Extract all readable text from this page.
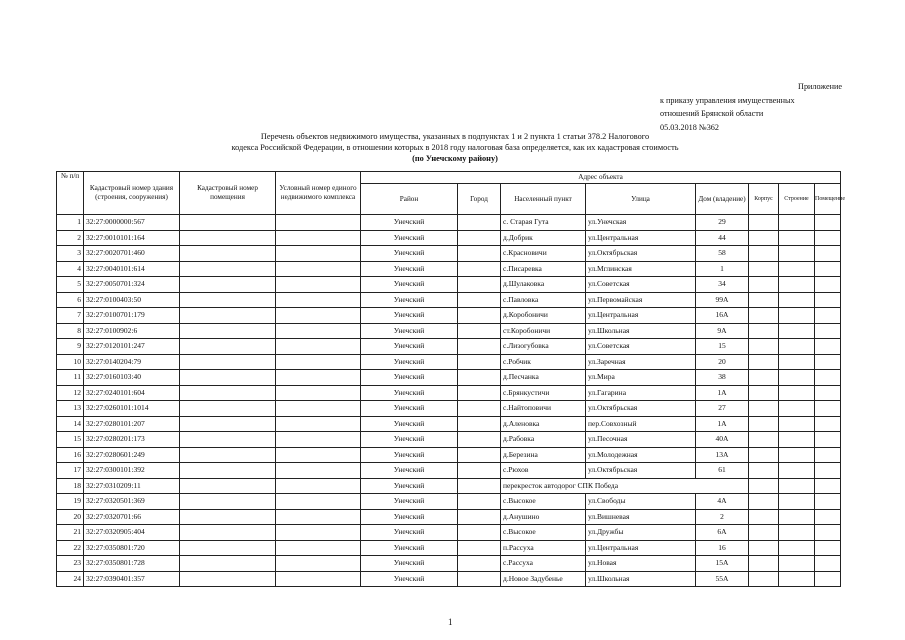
Приложение
к приказу управления имущественных
отношений Брянской области
05.03.2018 №362
Перечень объектов недвижимого имущества, указанных в подпунктах 1 и 2 пункта 1 статьи 378.2 Налогового
кодекса Российской Федерации, в отношении которых в 2018 году налоговая база определяется, как их кадастровая стоимость
(по Унечскому району)
№ п/п	Кадастровый номер здания (строения, сооружения)	Кадастровый номер помещения	Условный номер единого недвижимого комплекса	Адрес объекта							
				Район	Город	Населенный пункт	Улица	Дом (владение)	Корпус	Строение	Помещение
1	32:27:0000000:567			Унечский		с. Старая Гута	ул.Унечская	29			
2	32:27:0010101:164			Унечский		д.Добрик	ул.Центральная	44			
3	32:27:0020701:460			Унечский		с.Красновичи	ул.Октябрьская	58			
4	32:27:0040101:614			Унечский		с.Писаревка	ул.Мглинская	1			
5	32:27:0050701:324			Унечский		д.Шулаковка	ул.Советская	34			
6	32:27:0100403:50			Унечский		с.Павловка	ул.Первомайская	99А			
7	32:27:0100701:179			Унечский		д.Коробоничи	ул.Центральная	16А			
8	32:27:0100902:6			Унечский		ст.Коробоничи	ул.Школьная	9А			
9	32:27:0120101:247			Унечский		с.Лизогубовка	ул.Советская	15			
10	32:27:0140204:79			Унечский		с.Робчик	ул.Заречная	20			
11	32:27:0160103:40			Унечский		д.Песчанка	ул.Мира	38			
12	32:27:0240101:604			Унечский		с.Брянкустичи	ул.Гагарина	1А			
13	32:27:0260101:1014			Унечский		с.Найтоповичи	ул.Октябрьская	27			
14	32:27:0280101:207			Унечский		д.Аленовка	пер.Совхозный	1А			
15	32:27:0280201:173			Унечский		д.Рабовка	ул.Песочная	40А			
16	32:27:0280601:249			Унечский		д.Березина	ул.Молодежная	13А			
17	32:27:0300101:392			Унечский		с.Рюхов	ул.Октябрьская	61			
18	32:27:0310209:11			Унечский		перекресток автодорог СПК Победа					
19	32:27:0320501:369			Унечский		с.Высокое	ул.Свободы	4А			
20	32:27:0320701:66			Унечский		д.Анушино	ул.Вишневая	2			
21	32:27:0320905:404			Унечский		с.Высокое	ул.Дружбы	6А			
22	32:27:0350801:720			Унечский		п.Рассуха	ул.Центральная	16			
23	32:27:0350801:728			Унечский		с.Рассуха	ул.Новая	15А			
24	32:27:0390401:357			Унечский		д.Новое Задубенье	ул.Школьная	55А			
1
